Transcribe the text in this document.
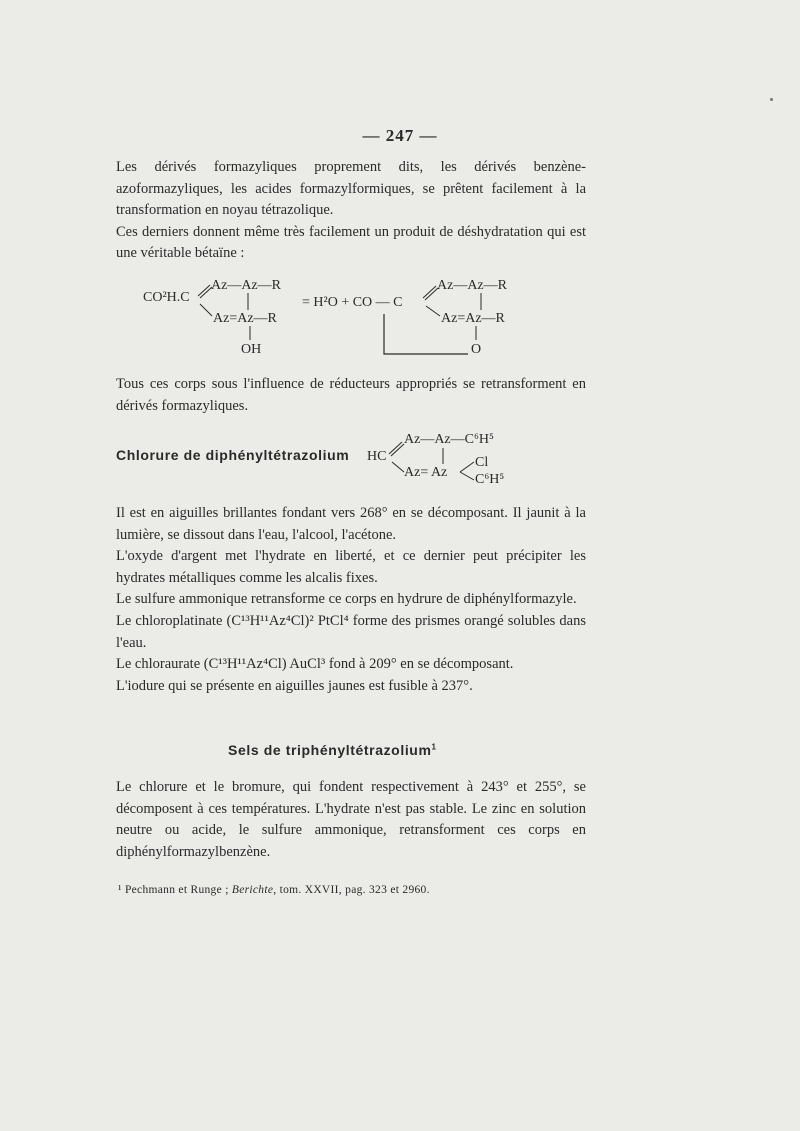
— 247 —

Les dérivés formazyliques proprement dits, les dérivés benzène-azoformazyliques, les acides formazylformiques, se prêtent facilement à la transformation en noyau tétrazolique.

Ces derniers donnent même très facilement un produit de déshydratation qui est une véritable bétaïne :

CO²H.C
Az—Az—R
Az=Az—R
OH
= H²O + CO — C
Az—Az—R
Az=Az—R
O

Tous ces corps sous l'influence de réducteurs appropriés se retransforment en dérivés formazyliques.

Chlorure de diphényltétrazolium HC
Az—Az—C⁶H⁵
Az= Az
Cl
C⁶H⁵

Il est en aiguilles brillantes fondant vers 268° en se décomposant. Il jaunit à la lumière, se dissout dans l'eau, l'alcool, l'acétone.

L'oxyde d'argent met l'hydrate en liberté, et ce dernier peut précipiter les hydrates métalliques comme les alcalis fixes.

Le sulfure ammonique retransforme ce corps en hydrure de diphénylformazyle.

Le chloroplatinate (C¹³H¹¹Az⁴Cl)² PtCl⁴ forme des prismes orangé solubles dans l'eau.

Le chloraurate (C¹³H¹¹Az⁴Cl) AuCl³ fond à 209° en se décomposant.

L'iodure qui se présente en aiguilles jaunes est fusible à 237°.

Sels de triphényltétrazolium$^1$

Le chlorure et le bromure, qui fondent respectivement à 243° et 255°, se décomposent à ces températures. L'hydrate n'est pas stable. Le zinc en solution neutre ou acide, le sulfure ammonique, retransforment ces corps en diphénylformazylbenzène.

¹ Pechmann et Runge ; Berichte, tom. XXVII, pag. 323 et 2960.
